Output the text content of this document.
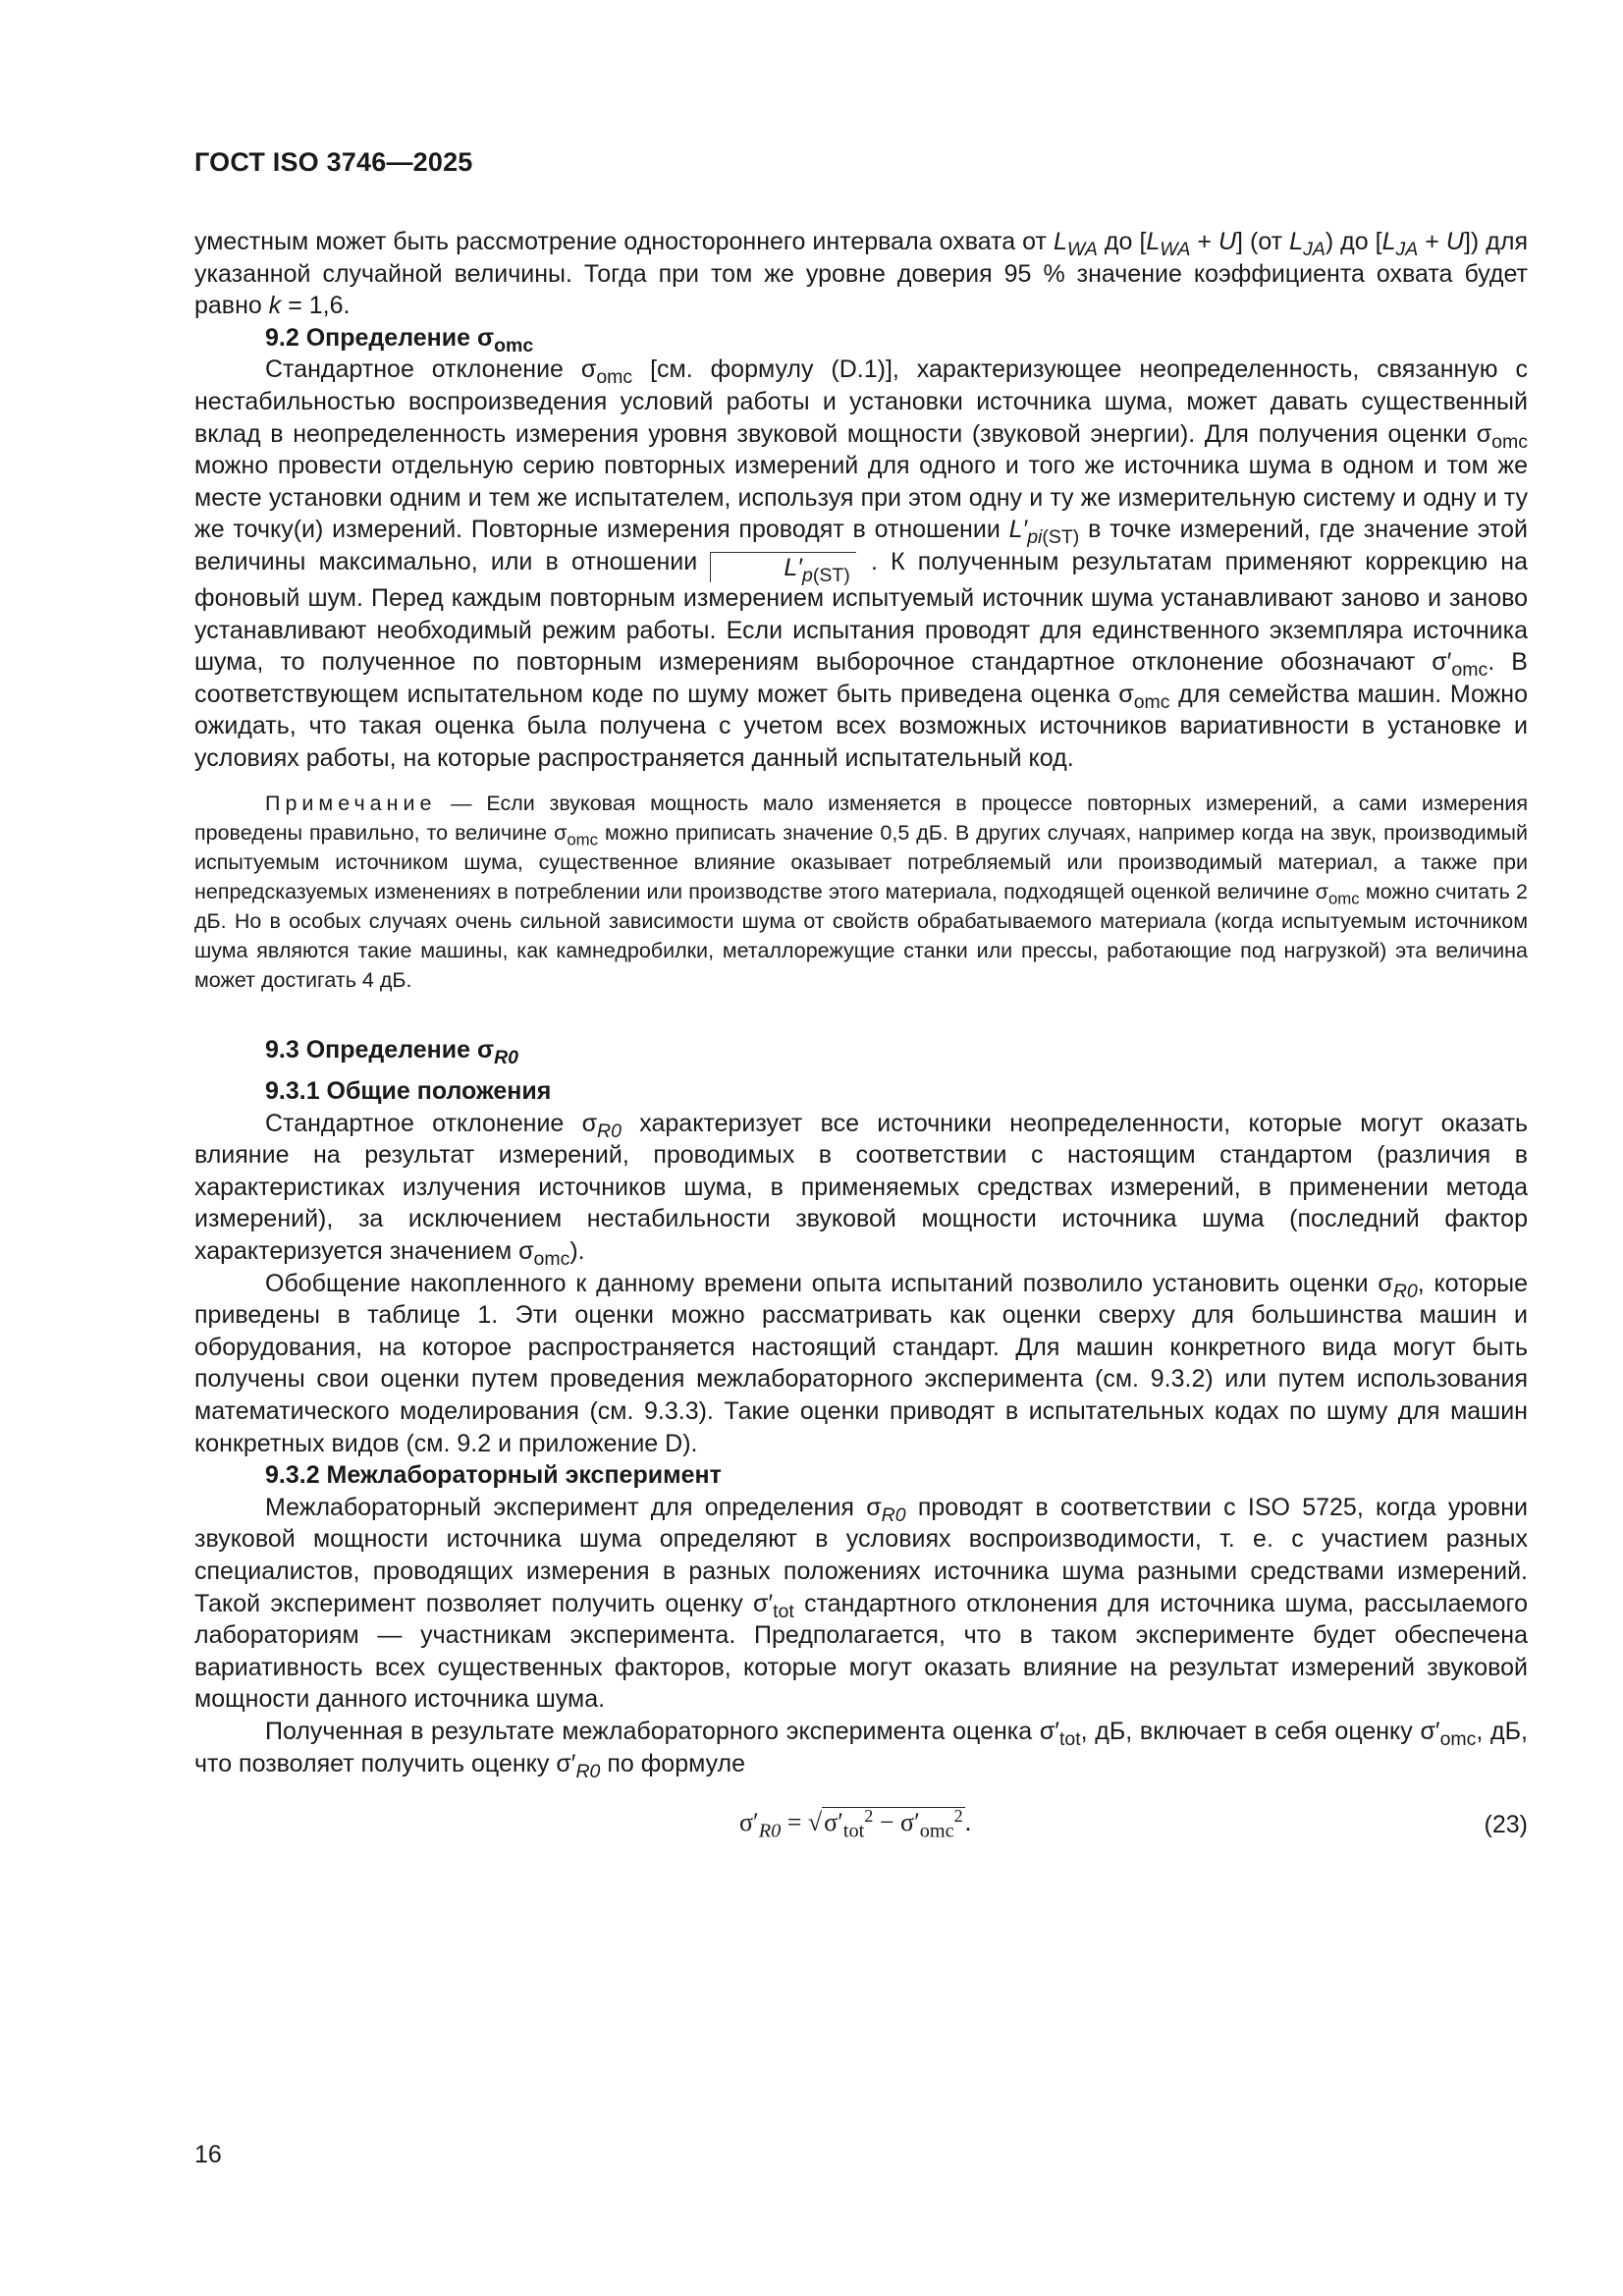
ГОСТ ISO 3746—2025

уместным может быть рассмотрение одностороннего интервала охвата от $L_{WA}$ до $[L_{WA} + U]$ (от $L_{JA}$) до $[L_{JA} + U]$) для указанной случайной величины. Тогда при том же уровне доверия 95 % значение коэффициента охвата будет равно k = 1,6.

9.2 Определение $\sigma_{omc}$

Стандартное отклонение $\sigma_{omc}$ [см. формулу (D.1)], характеризующее неопределенность, связанную с нестабильностью воспроизведения условий работы и установки источника шума, может давать существенный вклад в неопределенность измерения уровня звуковой мощности (звуковой энергии). Для получения оценки $\sigma_{omc}$ можно провести отдельную серию повторных измерений для одного и того же источника шума в одном и том же месте установки одним и тем же испытателем, используя при этом одну и ту же измерительную систему и одну и ту же точку(и) измерений. Повторные измерения проводят в отношении $L'_{pi(ST)}$ в точке измерений, где значение этой величины максимально, или в отношении	$L'_{p(ST)}$ . К полученным результатам применяют коррекцию на фоновый шум. Перед каждым повторным измерением испытуемый источник шума устанавливают заново и заново устанавливают необходимый режим работы. Если испытания проводят для единственного экземпляра источника шума, то полученное по повторным измерениям выборочное стандартное отклонение обозначают $\sigma'_{omc}$. В соответствующем испытательном коде по шуму может быть приведена оценка $\sigma_{omc}$ для семейства машин. Можно ожидать, что такая оценка была получена с учетом всех возможных источников вариативности в установке и условиях работы, на которые распространяется данный испытательный код.

Примечание — Если звуковая мощность мало изменяется в процессе повторных измерений, а сами измерения проведены правильно, то величине $\sigma_{omc}$ можно приписать значение 0,5 дБ. В других случаях, например когда на звук, производимый испытуемым источником шума, существенное влияние оказывает потребляемый или производимый материал, а также при непредсказуемых изменениях в потреблении или производстве этого материала, подходящей оценкой величине $\sigma_{omc}$ можно считать 2 дБ. Но в особых случаях очень сильной зависимости шума от свойств обрабатываемого материала (когда испытуемым источником шума являются такие машины, как камнедробилки, металлорежущие станки или прессы, работающие под нагрузкой) эта величина может достигать 4 дБ.

9.3 Определение $\sigma_{R0}$

9.3.1 Общие положения

Стандартное отклонение $\sigma_{R0}$ характеризует все источники неопределенности, которые могут оказать влияние на результат измерений, проводимых в соответствии с настоящим стандартом (различия в характеристиках излучения источников шума, в применяемых средствах измерений, в применении метода измерений), за исключением нестабильности звуковой мощности источника шума (последний фактор характеризуется значением $\sigma_{omc}$).

Обобщение накопленного к данному времени опыта испытаний позволило установить оценки $\sigma_{R0}$, которые приведены в таблице 1. Эти оценки можно рассматривать как оценки сверху для большинства машин и оборудования, на которое распространяется настоящий стандарт. Для машин конкретного вида могут быть получены свои оценки путем проведения межлабораторного эксперимента (см. 9.3.2) или путем использования математического моделирования (см. 9.3.3). Такие оценки приводят в испытательных кодах по шуму для машин конкретных видов (см. 9.2 и приложение D).

9.3.2 Межлабораторный эксперимент

Межлабораторный эксперимент для определения $\sigma_{R0}$ проводят в соответствии с ISO 5725, когда уровни звуковой мощности источника шума определяют в условиях воспроизводимости, т. е. с участием разных специалистов, проводящих измерения в разных положениях источника шума разными средствами измерений. Такой эксперимент позволяет получить оценку $\sigma'_{tot}$ стандартного отклонения для источника шума, рассылаемого лабораториям — участникам эксперимента. Предполагается, что в таком эксперименте будет обеспечена вариативность всех существенных факторов, которые могут оказать влияние на результат измерений звуковой мощности данного источника шума.

Полученная в результате межлабораторного эксперимента оценка $\sigma'_{tot}$, дБ, включает в себя оценку $\sigma'_{omc}$, дБ, что позволяет получить оценку $\sigma'_{R0}$ по формуле

$\sigma'_{R0} = √\sigma'_{tot}^2 - \sigma'_{omc}^2$.	(23)
16
